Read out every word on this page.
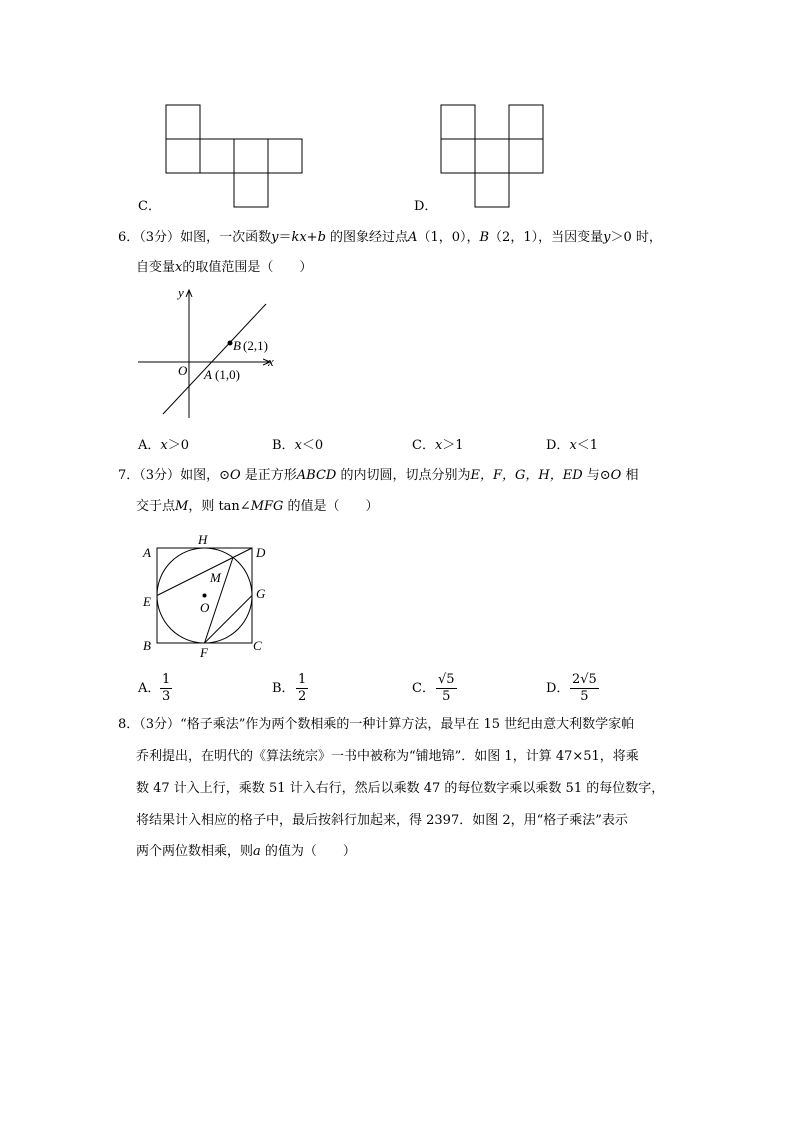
C．	D．
6．（3分）如图，一次函数y＝kx+b 的图象经过点A（1，0），B（2，1），当因变量y＞0 时，
自变量x的取值范围是（　　）
x
y
O A (1,0)
B (2,1)
A．x＞0	B．x＜0	C．x＞1	D．x＜1
7．（3分）如图，⊙O 是正方形ABCD 的内切圆，切点分别为E，F，G，H，ED 与⊙O 相
交于点M，则 tan∠MFG 的值是（　　）
A	D
B	C
H
E
G
F
M
O
A． $\frac{1}{3}$	B． $\frac{1}{2}$	C． $\frac{√5}{5}$	D． $\frac{2√5}{5}$
8．（3分）“格子乘法”作为两个数相乘的一种计算方法，最早在 15 世纪由意大利数学家帕
乔利提出，在明代的《算法统宗》一书中被称为“铺地锦”．如图 1，计算 47×51，将乘
数 47 计入上行，乘数 51 计入右行，然后以乘数 47 的每位数字乘以乘数 51 的每位数字，
将结果计入相应的格子中，最后按斜行加起来，得 2397．如图 2，用“格子乘法”表示
两个两位数相乘，则a 的值为（　　）
